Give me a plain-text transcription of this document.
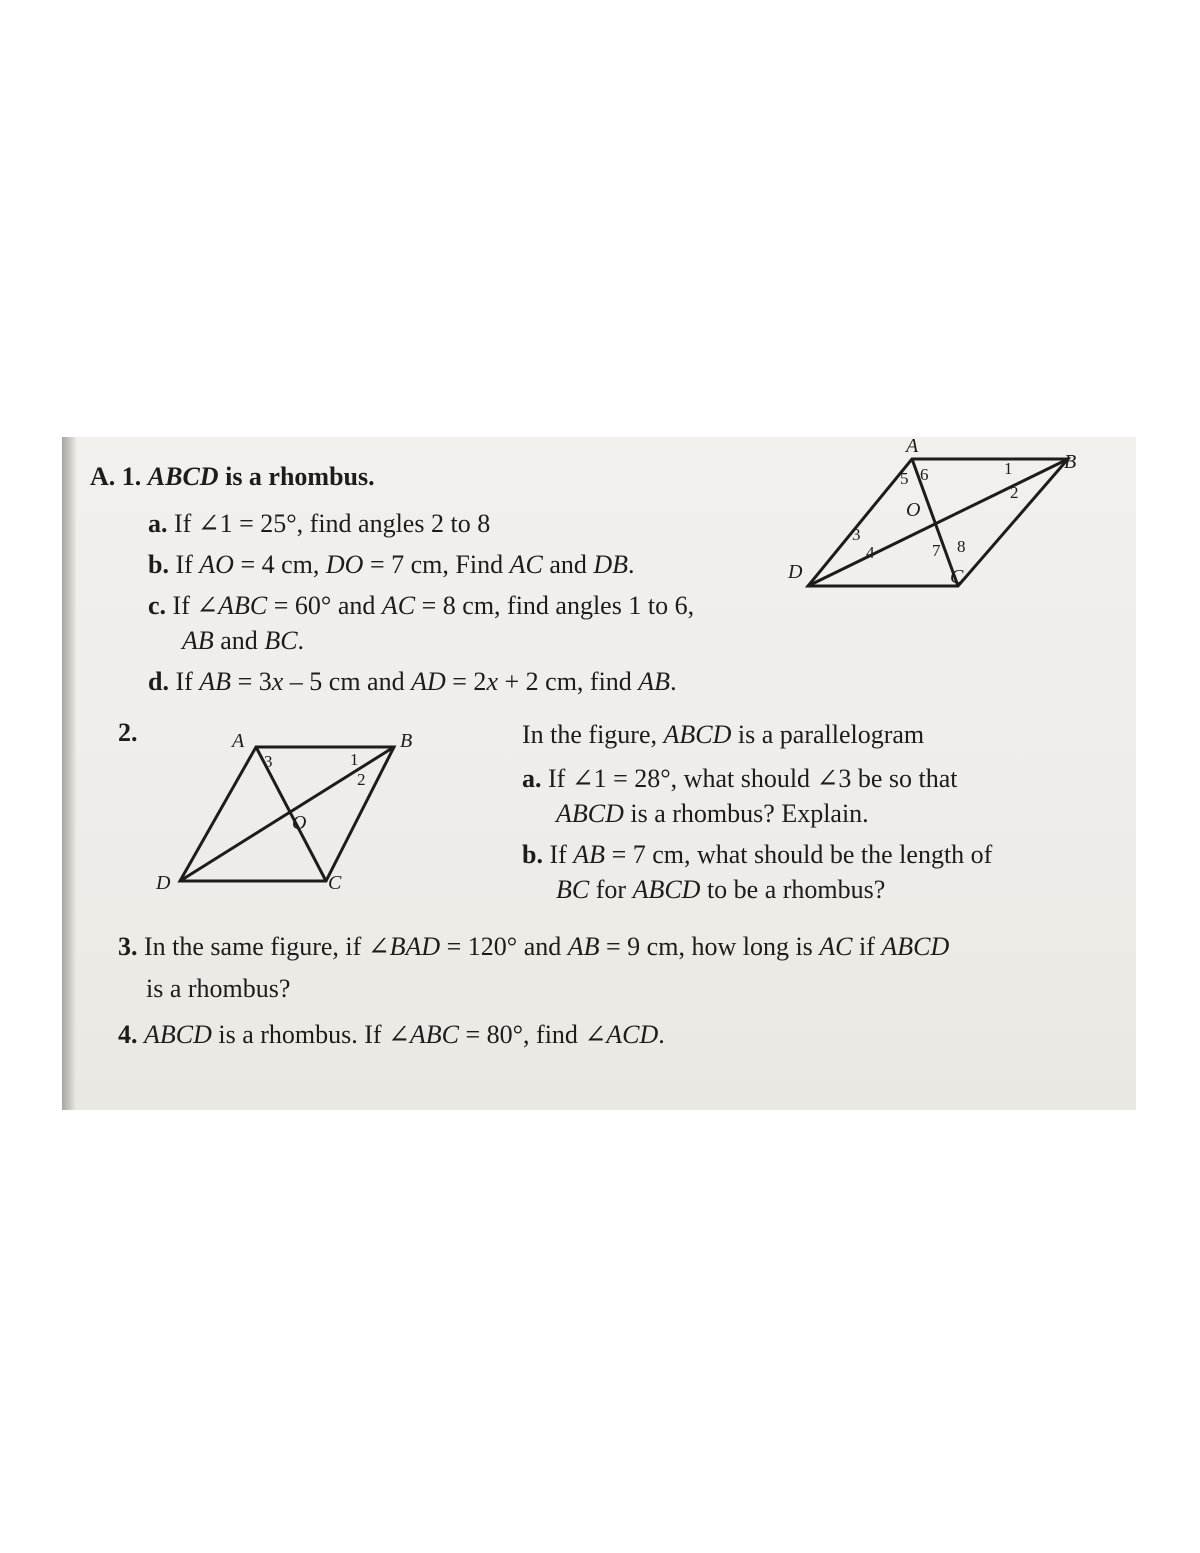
A. 1. ABCD is a rhombus.
a. If ∠1 = 25°, find angles 2 to 8
b. If AO = 4 cm, DO = 7 cm, Find AC and DB.
c. If ∠ABC = 60° and AC = 8 cm, find angles 1 to 6,
AB and BC.
d. If AB = 3x – 5 cm and AD = 2x + 2 cm, find AB.
A
B
C
D
O
1
2
3
4
5 6
7 8
2.	A	B
C
D
O
1
2
3
In the figure, ABCD is a parallelogram
a. If ∠1 = 28°, what should ∠3 be so that
ABCD is a rhombus? Explain.
b. If AB = 7 cm, what should be the length of
BC for ABCD to be a rhombus?
3. In the same figure, if ∠BAD = 120° and AB = 9 cm, how long is AC if ABCD
is a rhombus?
4. ABCD is a rhombus. If ∠ABC = 80°, find ∠ACD.
